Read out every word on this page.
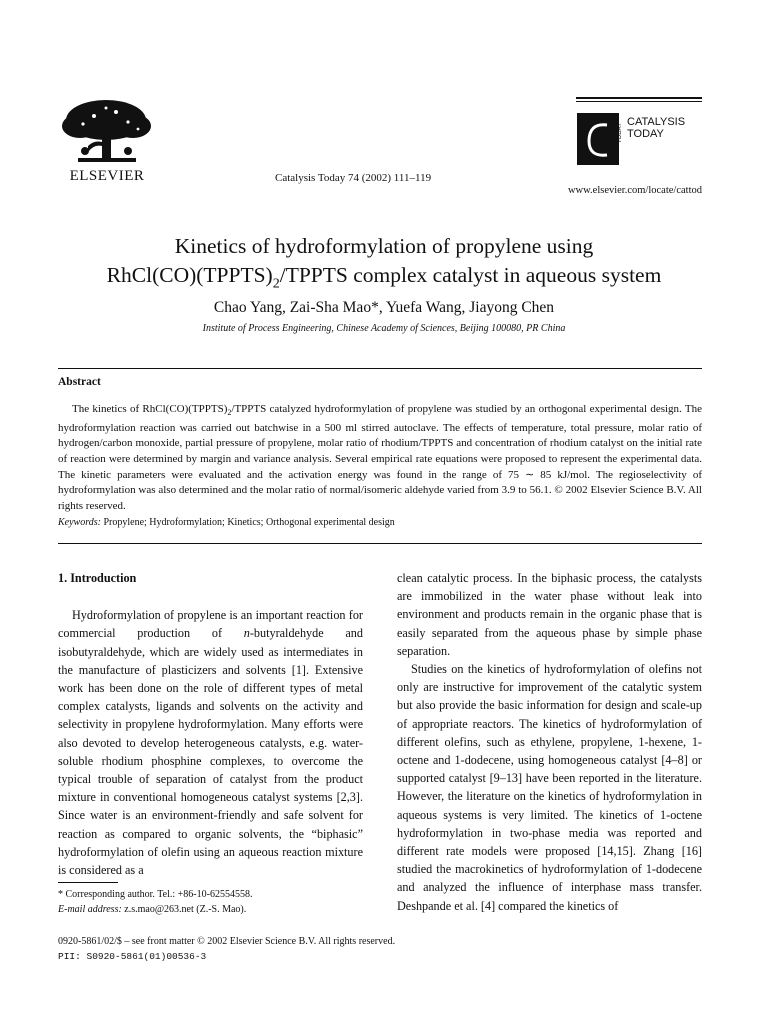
ELSEVIER	Catalysis Today 74 (2002) 111–119
TODAY
CATALYSIS
TODAY
www.elsevier.com/locate/cattod
Kinetics of hydroformylation of propylene using
$RhCl(CO)(TPPTS)_2$/TPPTS complex catalyst in aqueous system
Chao Yang, Zai-Sha Mao*, Yuefa Wang, Jiayong Chen
Institute of Process Engineering, Chinese Academy of Sciences, Beijing 100080, PR China
Abstract
The kinetics of $RhCl(CO)(TPPTS)_2$/TPPTS catalyzed hydroformylation of propylene was studied by an orthogonal experimental design. The hydroformylation reaction was carried out batchwise in a 500 ml stirred autoclave. The effects of temperature, total pressure, molar ratio of hydrogen/carbon monoxide, partial pressure of propylene, molar ratio of rhodium/TPPTS and concentration of rhodium catalyst on the initial rate of reaction were determined by margin and variance analysis. Several empirical rate equations were proposed to represent the experimental data. The kinetic parameters were evaluated and the activation energy was found in the range of 75 ∼ 85 kJ/mol. The regioselectivity of hydroformylation was also determined and the molar ratio of normal/isomeric aldehyde varied from 3.9 to 56.1. © 2002 Elsevier Science B.V. All rights reserved.
Keywords: Propylene; Hydroformylation; Kinetics; Orthogonal experimental design
1. Introduction

Hydroformylation of propylene is an important reaction for commercial production of n-butyraldehyde and isobutyraldehyde, which are widely used as intermediates in the manufacture of plasticizers and solvents [1]. Extensive work has been done on the role of different types of metal complex catalysts, ligands and solvents on the activity and selectivity in propylene hydroformylation. Many efforts were also devoted to develop heterogeneous catalysts, e.g. water-soluble rhodium phosphine complexes, to overcome the typical trouble of separation of catalyst from the product mixture in conventional homogeneous catalyst systems [2,3]. Since water is an environment-friendly and safe solvent for reaction as compared to organic solvents, the “biphasic” hydroformylation of olefin using an aqueous reaction mixture is considered as a

clean catalytic process. In the biphasic process, the catalysts are immobilized in the water phase without leak into environment and products remain in the organic phase that is easily separated from the aqueous phase by simple phase separation.

Studies on the kinetics of hydroformylation of olefins not only are instructive for improvement of the catalytic system but also provide the basic information for design and scale-up of appropriate reactors. The kinetics of hydroformylation of different olefins, such as ethylene, propylene, 1-hexene, 1-octene and 1-dodecene, using homogeneous catalyst [4–8] or supported catalyst [9–13] have been reported in the literature. However, the literature on the kinetics of hydroformylation in aqueous systems is very limited. The kinetics of 1-octene hydroformylation in two-phase media was reported and different rate models were proposed [14,15]. Zhang [16] studied the macrokinetics of hydroformylation of 1-dodecene and analyzed the influence of interphase mass transfer. Deshpande et al. [4] compared the kinetics of

* Corresponding author. Tel.: +86-10-62554558.
E-mail address: z.s.mao@263.net (Z.-S. Mao).
0920-5861/02/$ – see front matter © 2002 Elsevier Science B.V. All rights reserved.
PII: S0920-5861(01)00536-3
